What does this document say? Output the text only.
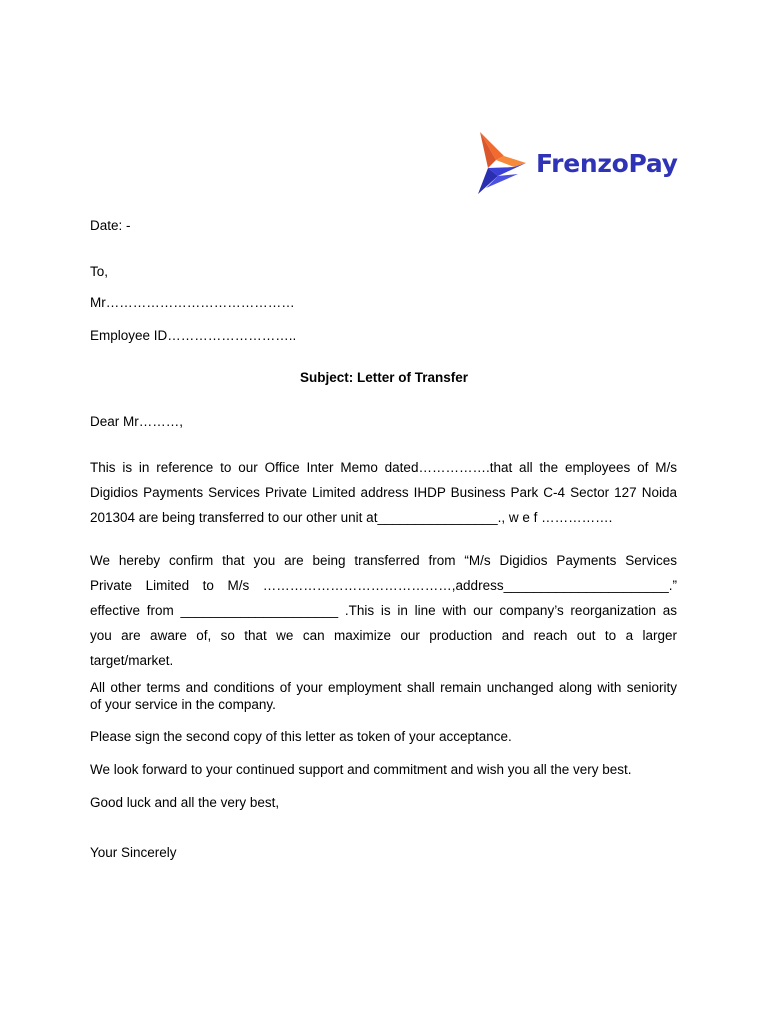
FrenzoPay
Date: -
To,
Mr……………………………………
Employee ID………………………..
Subject: Letter of Transfer
Dear Mr………,
This is in reference to our Office Inter Memo dated…………….that all the employees of M/s
Digidios Payments Services Private Limited address IHDP Business Park C-4 Sector 127 Noida
201304 are being transferred to our other unit at________________., w e f …………….
We hereby confirm that you are being transferred from “M/s Digidios Payments Services
Private Limited to M/s ……………………………………,address______________________.”
effective from _____________________ .This is in line with our company’s reorganization as
you are aware of, so that we can maximize our production and reach out to a larger
target/market.
All other terms and conditions of your employment shall remain unchanged along with seniority
of your service in the company.
Please sign the second copy of this letter as token of your acceptance.
We look forward to your continued support and commitment and wish you all the very best.
Good luck and all the very best,
Your Sincerely
